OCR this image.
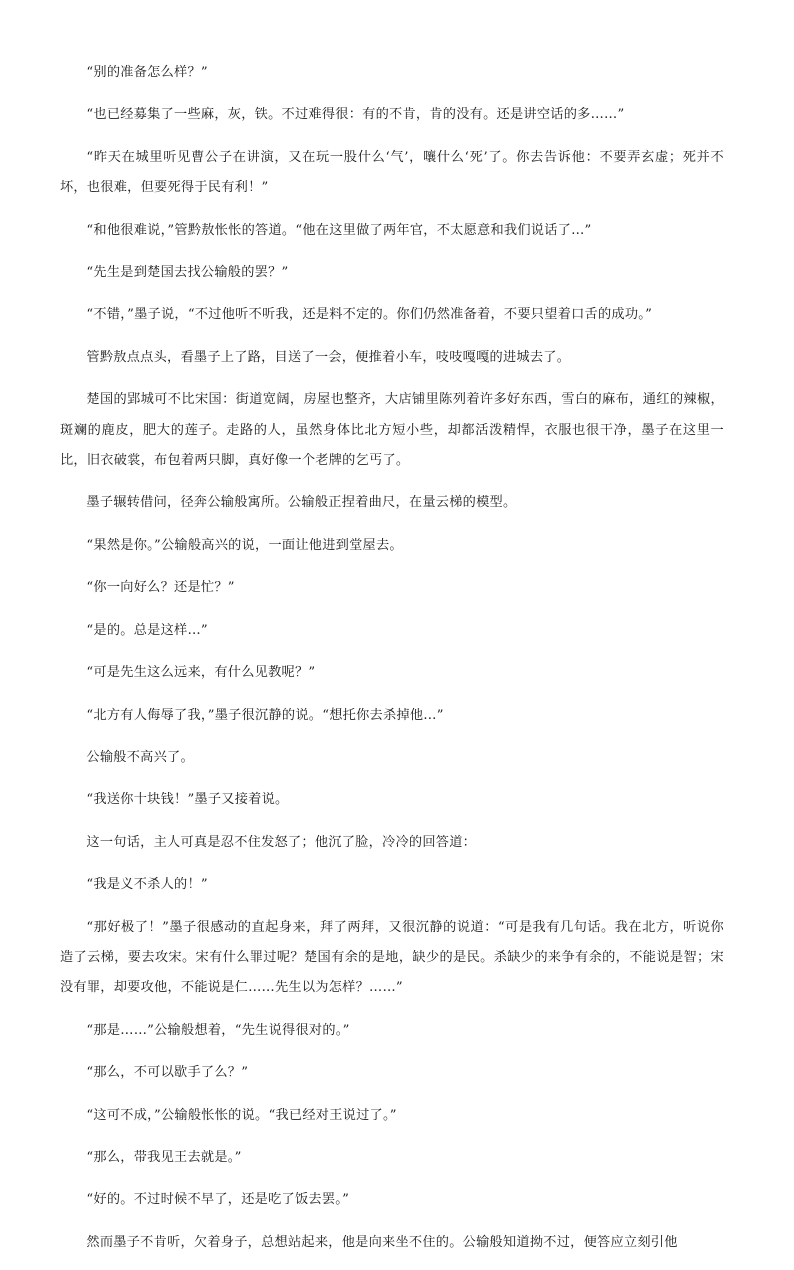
“别的准备怎么样？”

“也已经募集了一些麻，灰，铁。不过难得很：有的不肯，肯的没有。还是讲空话的多……”

“昨天在城里听见曹公子在讲演，又在玩一股什么‘气’，嚷什么‘死’了。你去告诉他：不要弄玄虚；死并不坏，也很难，但要死得于民有利！”

“和他很难说，”管黔敖怅怅的答道。“他在这里做了两年官，不太愿意和我们说话了…”

“先生是到楚国去找公输般的罢？”

“不错，”墨子说，“不过他听不听我，还是料不定的。你们仍然准备着，不要只望着口舌的成功。”

管黔敖点点头，看墨子上了路，目送了一会，便推着小车，吱吱嘎嘎的进城去了。

楚国的郢城可不比宋国：街道宽阔，房屋也整齐，大店铺里陈列着许多好东西，雪白的麻布，通红的辣椒，斑斓的鹿皮，肥大的莲子。走路的人，虽然身体比北方短小些，却都活泼精悍，衣服也很干净，墨子在这里一比，旧衣破裳，布包着两只脚，真好像一个老牌的乞丐了。

墨子辗转借问，径奔公输般寓所。公输般正捏着曲尺，在量云梯的模型。

“果然是你。”公输般高兴的说，一面让他进到堂屋去。

“你一向好么？还是忙？”

“是的。总是这样…”

“可是先生这么远来，有什么见教呢？”

“北方有人侮辱了我，”墨子很沉静的说。“想托你去杀掉他…”

公输般不高兴了。

“我送你十块钱！”墨子又接着说。

这一句话，主人可真是忍不住发怒了；他沉了脸，冷冷的回答道：

“我是义不杀人的！”

“那好极了！”墨子很感动的直起身来，拜了两拜，又很沉静的说道：“可是我有几句话。我在北方，听说你造了云梯，要去攻宋。宋有什么罪过呢？楚国有余的是地，缺少的是民。杀缺少的来争有余的，不能说是智；宋没有罪，却要攻他，不能说是仁……先生以为怎样？……”

“那是……”公输般想着，“先生说得很对的。”

“那么，不可以歇手了么？”

“这可不成，”公输般怅怅的说。“我已经对王说过了。”

“那么，带我见王去就是。”

“好的。不过时候不早了，还是吃了饭去罢。”

然而墨子不肯听，欠着身子，总想站起来，他是向来坐不住的。公输般知道拗不过，便答应立刻引他
